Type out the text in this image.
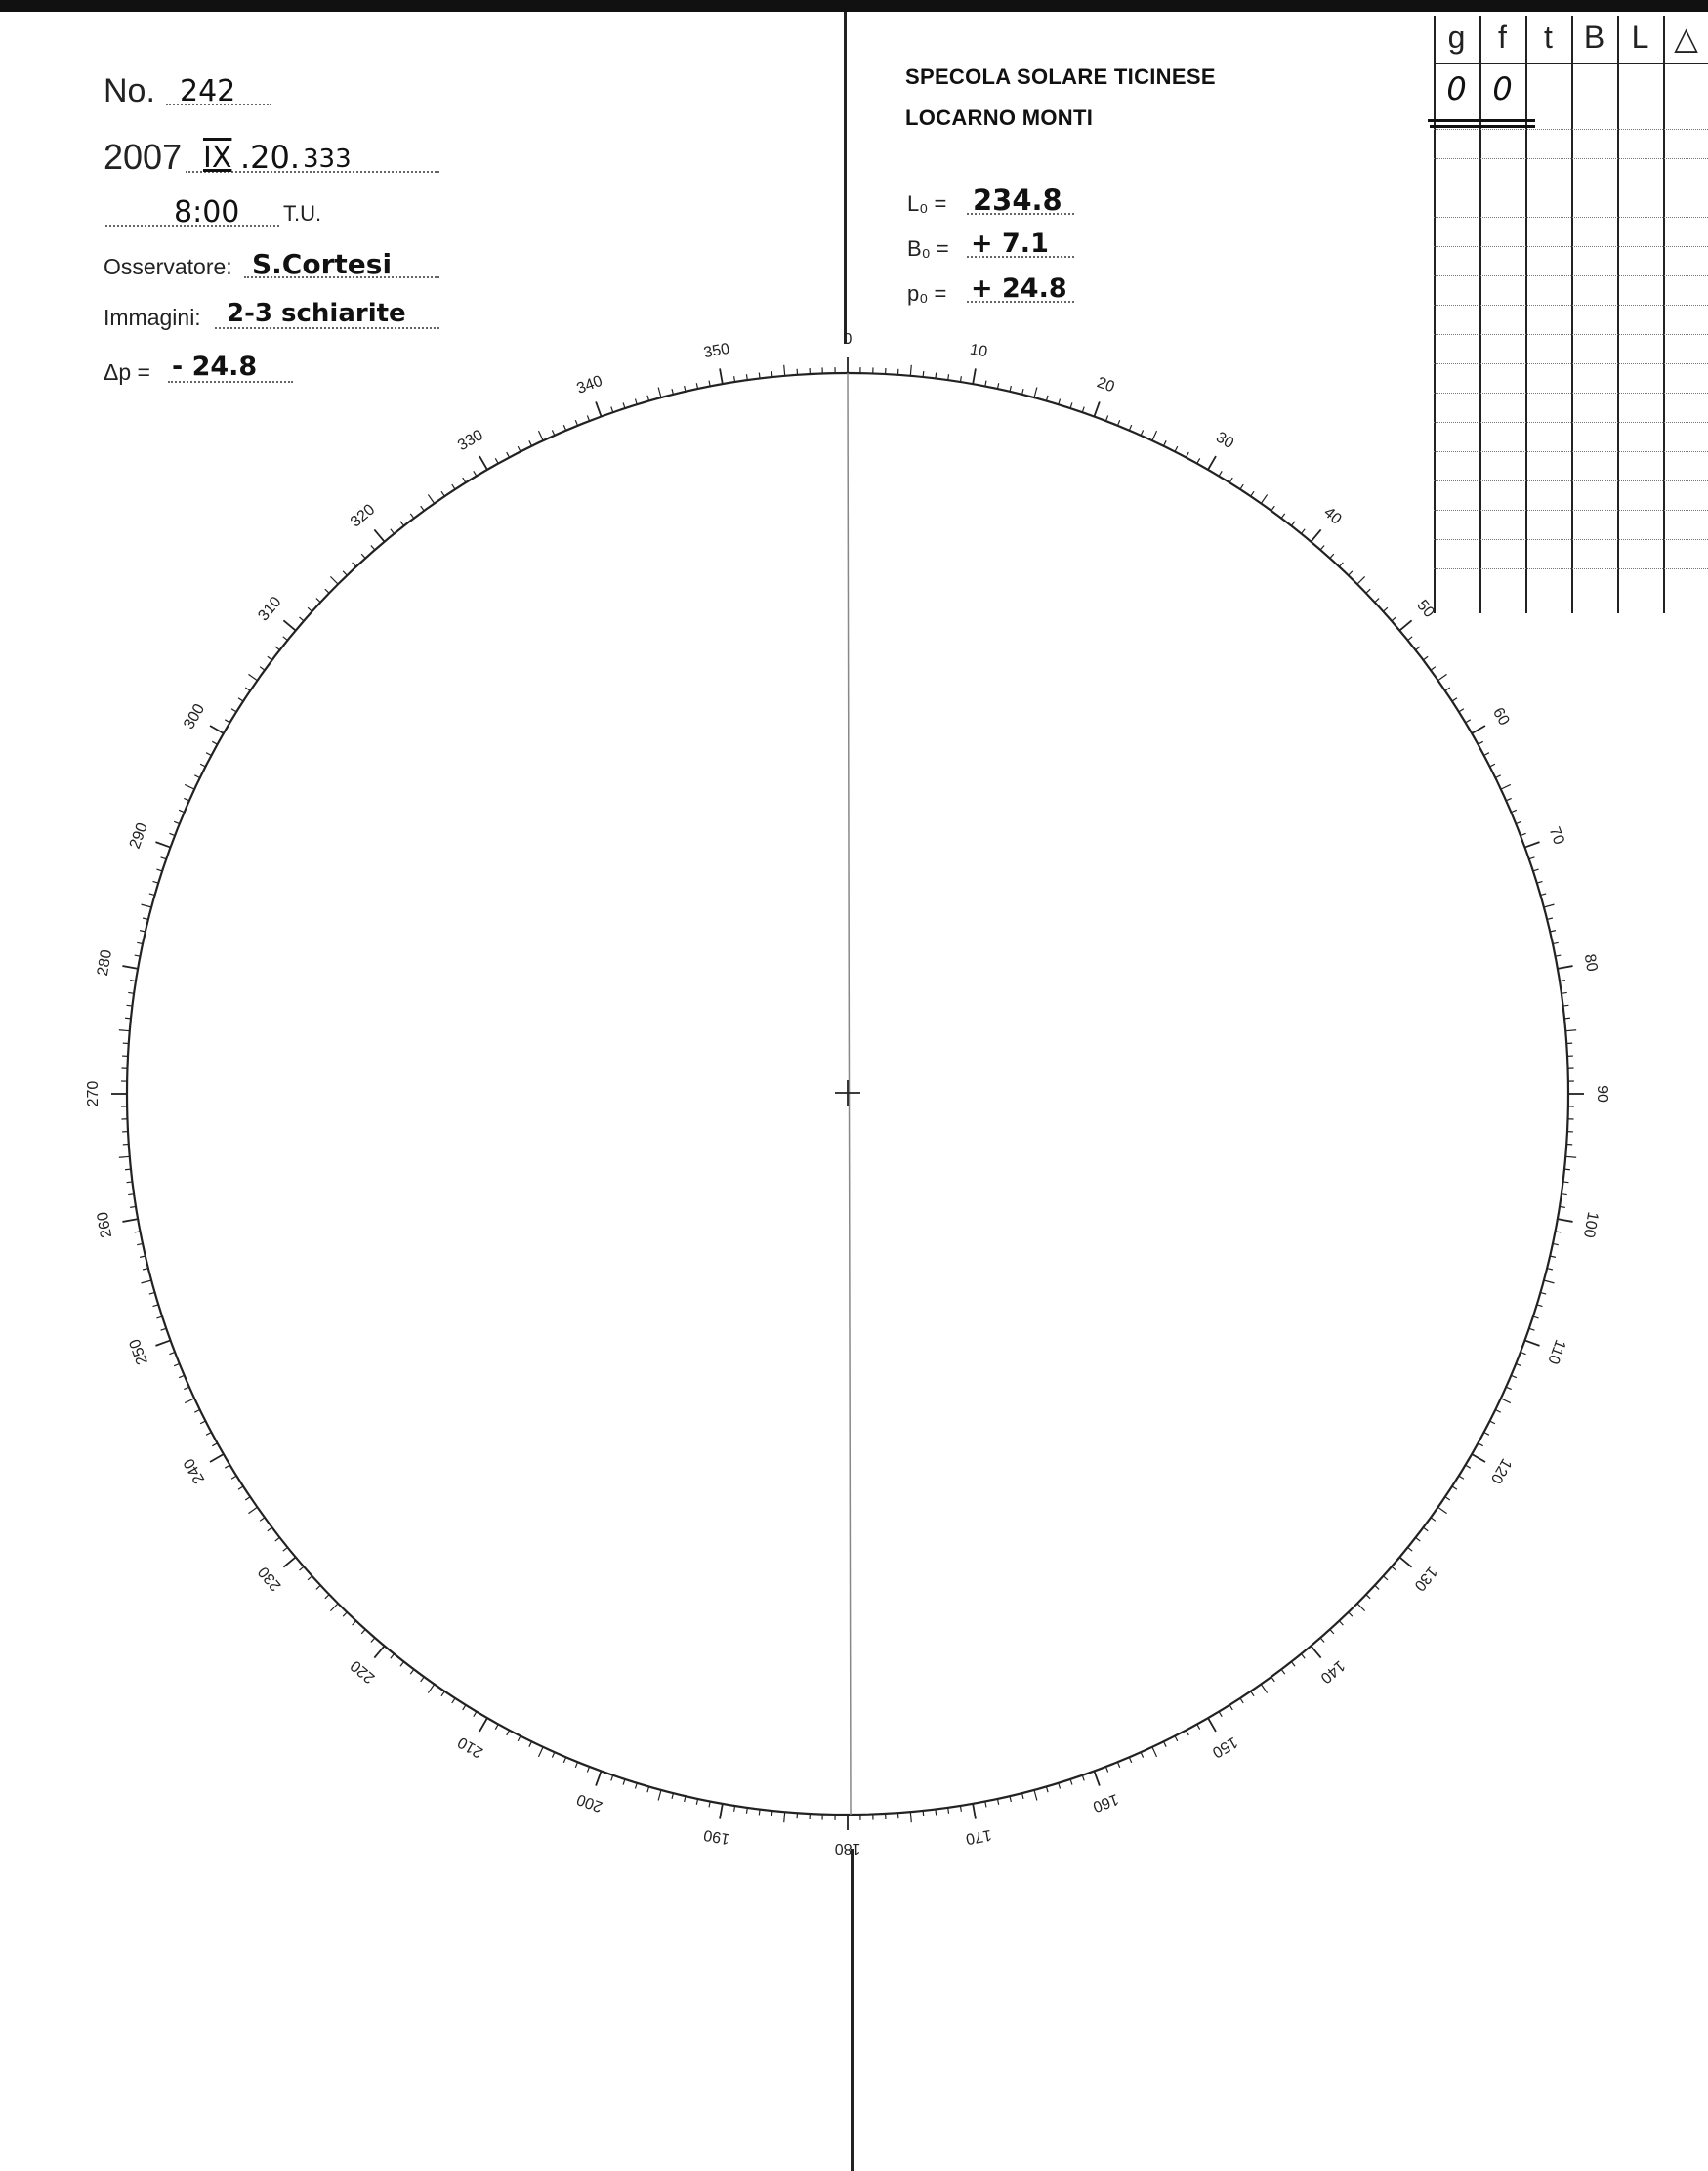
No. 242
2007 IX .20. 333
8:00 T.U.
Osservatore: S.Cortesi
Immagini: 2-3 schiarite
Δp = - 24.8
SPECOLA SOLARE TICINESE
LOCARNO MONTI
L₀ = 234.8
B₀ = + 7.1
p₀ = + 24.8
g	f	t B L △
0 0
0
10
20
30
40
50
60
70
80
90
100
110
120
130
140
150
160
170
180
190
200
210
220
230
240
250
260
270
280
290
300
310
320
330
340
350
